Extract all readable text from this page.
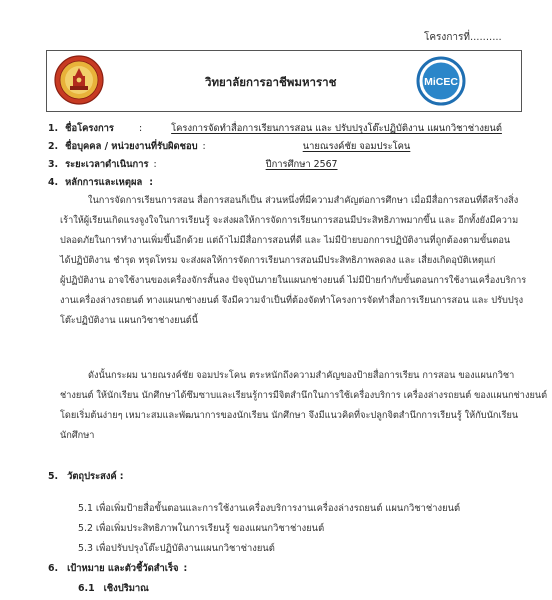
โครงการที่..........
วิทยาลัยการอาชีพมหาราช	MiCEC
1. ชื่อโครงการ	:	โครงการจัดทำสื่อการเรียนการสอน และ ปรับปรุงโต๊ะปฏิบัติงาน แผนกวิชาช่างยนต์
2. ชื่อบุคคล / หน่วยงานที่รับผิดชอบ :	นายณรงค์ชัย จอมประโคน
3. ระยะเวลาดำเนินการ :	ปีการศึกษา 2567
4. หลักการและเหตุผล :
ในการจัดการเรียนการสอน สื่อการสอนก็เป็น ส่วนหนึ่งที่มีความสำคัญต่อการศึกษา เมื่อมีสื่อการสอนที่ดีสร้างสิ่ง
เร้าให้ผู้เรียนเกิดแรงจูงใจในการเรียนรู้ จะส่งผลให้การจัดการเรียนการสอนมีประสิทธิภาพมากขึ้น และ อีกทั้งยังมีความ
ปลอดภัยในการทำงานเพิ่มขึ้นอีกด้วย แต่ถ้าไม่มีสื่อการสอนที่ดี และ ไม่มีป้ายบอกการปฏิบัติงานที่ถูกต้องตามขั้นตอน
ได้ปฏิบัติงาน ชำรุด ทรุดโทรม จะส่งผลให้การจัดการเรียนการสอนมีประสิทธิภาพลดลง และ เสี่ยงเกิดอุบัติเหตุแก่
ผู้ปฏิบัติงาน อาจใช้งานของเครื่องจักรสั้นลง ปัจจุบันภายในแผนกช่างยนต์ ไม่มีป้ายกำกับขั้นตอนการใช้งานเครื่องบริการ
งานเครื่องล่างรถยนต์ ทางแผนกช่างยนต์ จึงมีความจำเป็นที่ต้องจัดทำโครงการจัดทำสื่อการเรียนการสอน และ ปรับปรุง
โต๊ะปฏิบัติงาน แผนกวิชาช่างยนต์นี้
ดังนั้นกระผม นายณรงค์ชัย จอมประโคน ตระหนักถึงความสำคัญของป้ายสื่อการเรียน การสอน ของแผนกวิชา
ช่างยนต์ ให้นักเรียน นักศึกษาได้ซึมซาบและเรียนรู้การมีจิตสำนึกในการใช้เครื่องบริการ เครื่องล่างรถยนต์ ของแผนกช่างยนต์
โดยเริ่มต้นง่ายๆ เหมาะสมและพัฒนาการของนักเรียน นักศึกษา จึงมีแนวคิดที่จะปลูกจิตสำนึกการเรียนรู้ ให้กับนักเรียน
นักศึกษา
5. วัตถุประสงค์ :
5.1 เพื่อเพิ่มป้ายสื่อขั้นตอนและการใช้งานเครื่องบริการงานเครื่องล่างรถยนต์ แผนกวิชาช่างยนต์
5.2 เพื่อเพิ่มประสิทธิภาพในการเรียนรู้ ของแผนกวิชาช่างยนต์
5.3 เพื่อปรับปรุงโต๊ะปฏิบัติงานแผนกวิชาช่างยนต์
6. เป้าหมาย และตัวชี้วัดสำเร็จ :
6.1 เชิงปริมาณ
